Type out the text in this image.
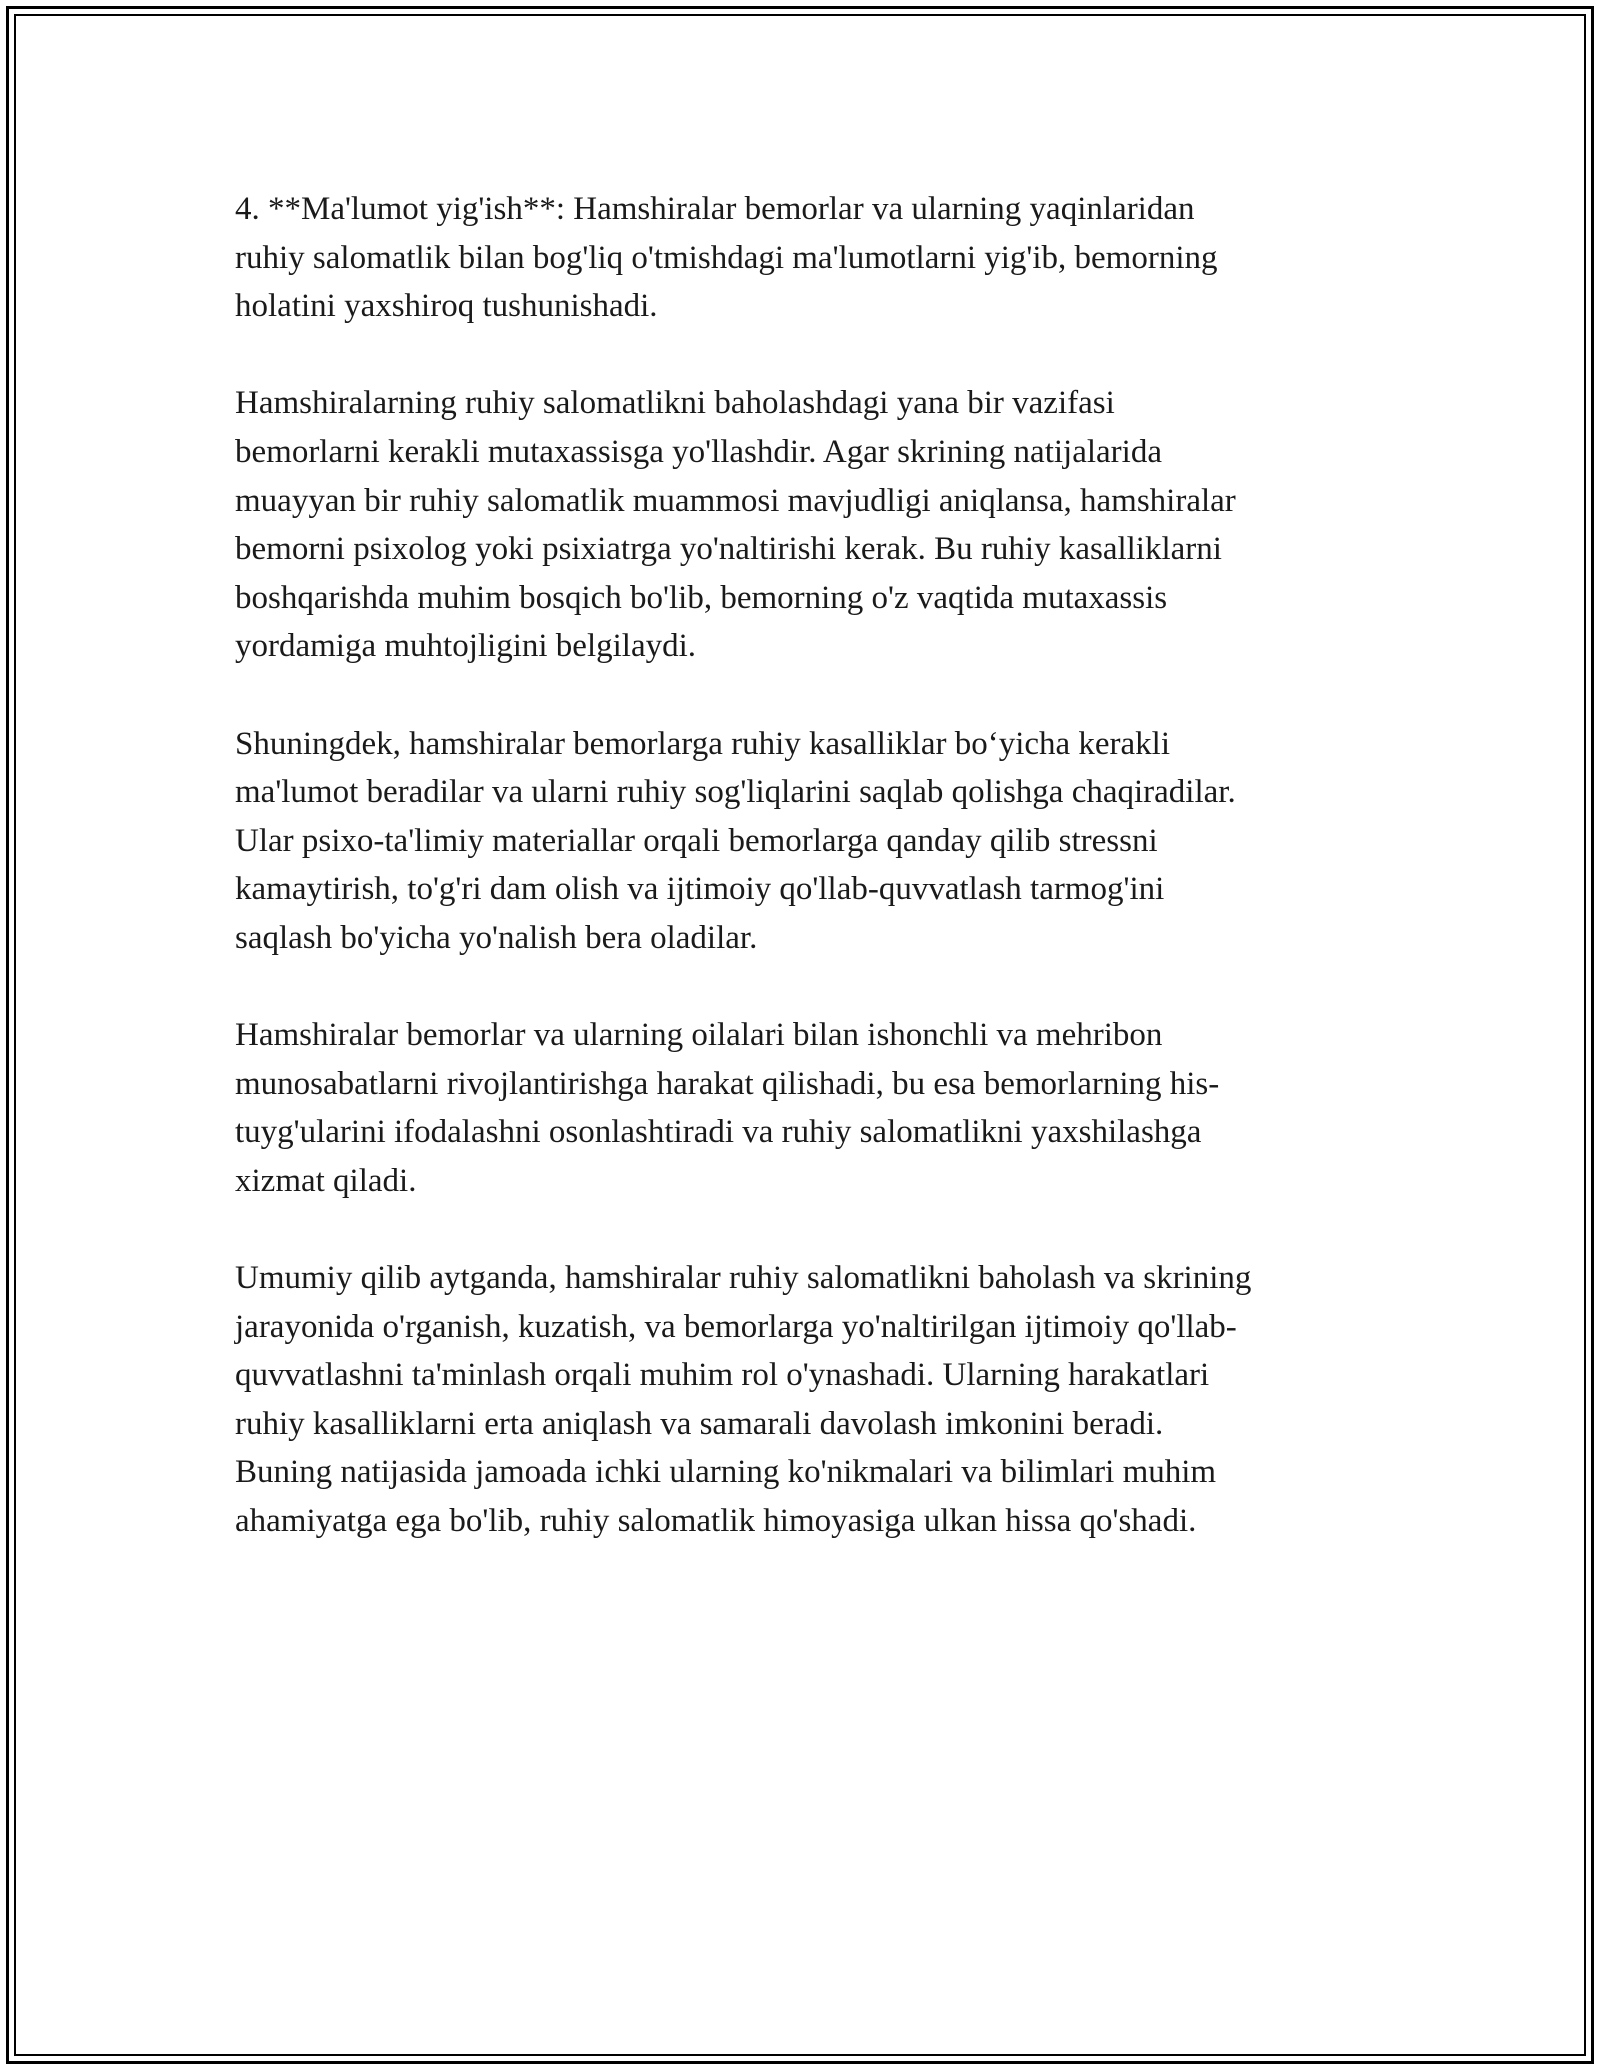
4. **Ma'lumot yig'ish**: Hamshiralar bemorlar va ularning yaqinlaridan
ruhiy salomatlik bilan bog'liq o'tmishdagi ma'lumotlarni yig'ib, bemorning
holatini yaxshiroq tushunishadi.

Hamshiralarning ruhiy salomatlikni baholashdagi yana bir vazifasi
bemorlarni kerakli mutaxassisga yo'llashdir. Agar skrining natijalarida
muayyan bir ruhiy salomatlik muammosi mavjudligi aniqlansa, hamshiralar
bemorni psixolog yoki psixiatrga yo'naltirishi kerak. Bu ruhiy kasalliklarni
boshqarishda muhim bosqich bo'lib, bemorning o'z vaqtida mutaxassis
yordamiga muhtojligini belgilaydi.

Shuningdek, hamshiralar bemorlarga ruhiy kasalliklar bo‘yicha kerakli
ma'lumot beradilar va ularni ruhiy sog'liqlarini saqlab qolishga chaqiradilar.
Ular psixo-ta'limiy materiallar orqali bemorlarga qanday qilib stressni
kamaytirish, to'g'ri dam olish va ijtimoiy qo'llab-quvvatlash tarmog'ini
saqlash bo'yicha yo'nalish bera oladilar.

Hamshiralar bemorlar va ularning oilalari bilan ishonchli va mehribon
munosabatlarni rivojlantirishga harakat qilishadi, bu esa bemorlarning his-
tuyg'ularini ifodalashni osonlashtiradi va ruhiy salomatlikni yaxshilashga
xizmat qiladi.

Umumiy qilib aytganda, hamshiralar ruhiy salomatlikni baholash va skrining
jarayonida o'rganish, kuzatish, va bemorlarga yo'naltirilgan ijtimoiy qo'llab-
quvvatlashni ta'minlash orqali muhim rol o'ynashadi. Ularning harakatlari
ruhiy kasalliklarni erta aniqlash va samarali davolash imkonini beradi.
Buning natijasida jamoada ichki ularning ko'nikmalari va bilimlari muhim
ahamiyatga ega bo'lib, ruhiy salomatlik himoyasiga ulkan hissa qo'shadi.
